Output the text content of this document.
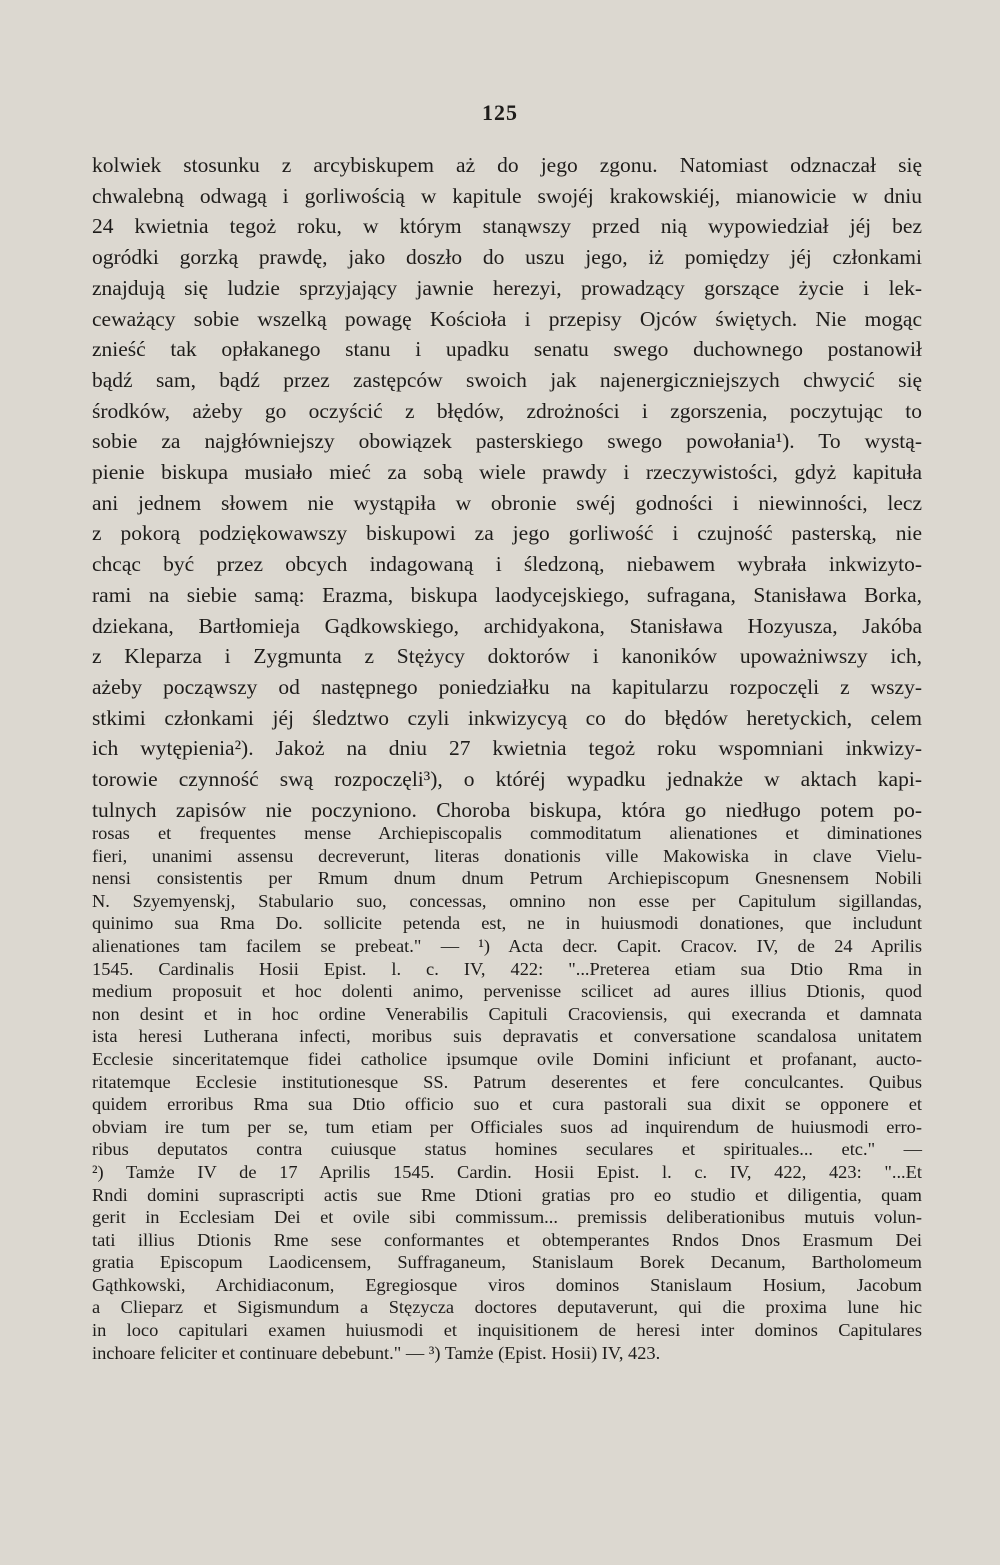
125
kolwiek stosunku z arcybiskupem aż do jego zgonu. Natomiast odznaczał się
chwalebną odwagą i gorliwością w kapitule swojéj krakowskiéj, mianowicie w dniu
24 kwietnia tegoż roku, w którym stanąwszy przed nią wypowiedział jéj bez
ogródki gorzką prawdę, jako doszło do uszu jego, iż pomiędzy jéj członkami
znajdują się ludzie sprzyjający jawnie herezyi, prowadzący gorszące życie i lek-
ceważący sobie wszelką powagę Kościoła i przepisy Ojców świętych. Nie mogąc
znieść tak opłakanego stanu i upadku senatu swego duchownego postanowił
bądź sam, bądź przez zastępców swoich jak najenergiczniejszych chwycić się
środków, ażeby go oczyścić z błędów, zdrożności i zgorszenia, poczytując to
sobie za najgłówniejszy obowiązek pasterskiego swego powołania¹). To wystą-
pienie biskupa musiało mieć za sobą wiele prawdy i rzeczywistości, gdyż kapituła
ani jednem słowem nie wystąpiła w obronie swéj godności i niewinności, lecz
z pokorą podziękowawszy biskupowi za jego gorliwość i czujność pasterską, nie
chcąc być przez obcych indagowaną i śledzoną, niebawem wybrała inkwizyto-
rami na siebie samą: Erazma, biskupa laodycejskiego, sufragana, Stanisława Borka,
dziekana, Bartłomieja Gądkowskiego, archidyakona, Stanisława Hozyusza, Jakóba
z Kleparza i Zygmunta z Stężycy doktorów i kanoników upoważniwszy ich,
ażeby począwszy od następnego poniedziałku na kapitularzu rozpoczęli z wszy-
stkimi członkami jéj śledztwo czyli inkwizycyą co do błędów heretyckich, celem
ich wytępienia²). Jakoż na dniu 27 kwietnia tegoż roku wspomniani inkwizy-
torowie czynność swą rozpoczęli³), o któréj wypadku jednakże w aktach kapi-
tulnych zapisów nie poczyniono. Choroba biskupa, która go niedługo potem po-
rosas et frequentes mense Archiepiscopalis commoditatum alienationes et diminationes
fieri, unanimi assensu decreverunt, literas donationis ville Makowiska in clave Vielu-
nensi consistentis per Rmum dnum dnum Petrum Archiepiscopum Gnesnensem Nobili
N. Szyemyenskj, Stabulario suo, concessas, omnino non esse per Capitulum sigillandas,
quinimo sua Rma Do. sollicite petenda est, ne in huiusmodi donationes, que includunt
alienationes tam facilem se prebeat." — ¹) Acta decr. Capit. Cracov. IV, de 24 Aprilis
1545. Cardinalis Hosii Epist. l. c. IV, 422: "...Preterea etiam sua Dtio Rma in
medium proposuit et hoc dolenti animo, pervenisse scilicet ad aures illius Dtionis, quod
non desint et in hoc ordine Venerabilis Capituli Cracoviensis, qui execranda et damnata
ista heresi Lutherana infecti, moribus suis depravatis et conversatione scandalosa unitatem
Ecclesie sinceritatemque fidei catholice ipsumque ovile Domini inficiunt et profanant, aucto-
ritatemque Ecclesie institutionesque SS. Patrum deserentes et fere conculcantes. Quibus
quidem erroribus Rma sua Dtio officio suo et cura pastorali sua dixit se opponere et
obviam ire tum per se, tum etiam per Officiales suos ad inquirendum de huiusmodi erro-
ribus deputatos contra cuiusque status homines seculares et spirituales... etc." —
²) Tamże IV de 17 Aprilis 1545. Cardin. Hosii Epist. l. c. IV, 422, 423: "...Et
Rndi domini suprascripti actis sue Rme Dtioni gratias pro eo studio et diligentia, quam
gerit in Ecclesiam Dei et ovile sibi commissum... premissis deliberationibus mutuis volun-
tati illius Dtionis Rme sese conformantes et obtemperantes Rndos Dnos Erasmum Dei
gratia Episcopum Laodicensem, Suffraganeum, Stanislaum Borek Decanum, Bartholomeum
Gąthkowski, Archidiaconum, Egregiosque viros dominos Stanislaum Hosium, Jacobum
a Clieparz et Sigismundum a Stęzycza doctores deputaverunt, qui die proxima lune hic
in loco capitulari examen huiusmodi et inquisitionem de heresi inter dominos Capitulares
inchoare feliciter et continuare debebunt." — ³) Tamże (Epist. Hosii) IV, 423.
